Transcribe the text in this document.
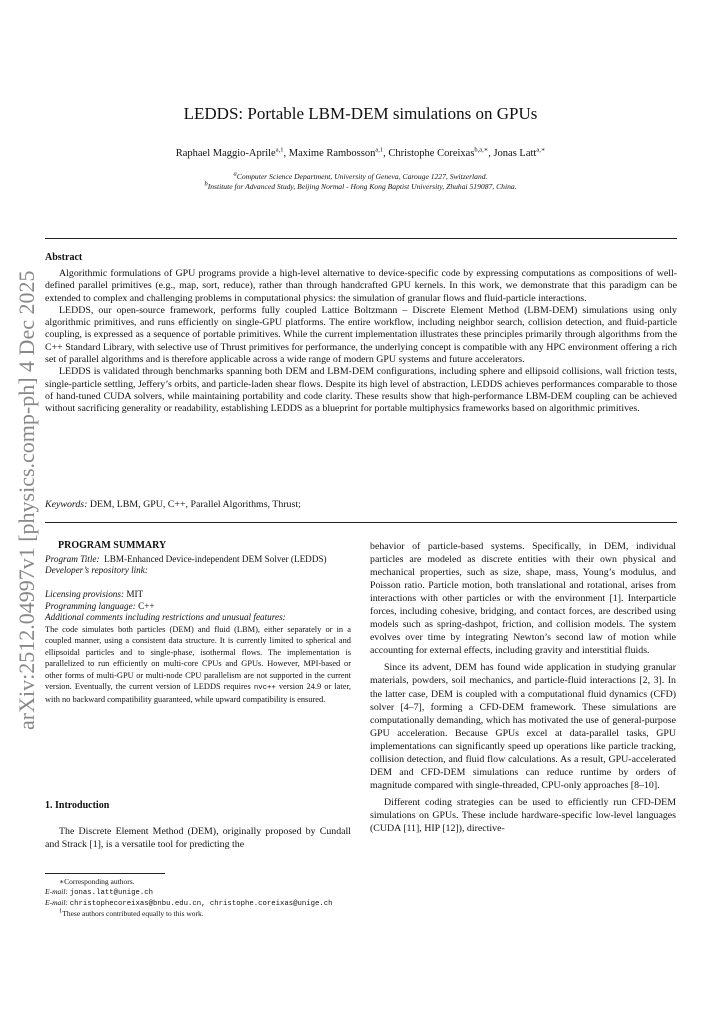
arXiv:2512.04997v1 [physics.comp-ph] 4 Dec 2025
LEDDS: Portable LBM-DEM simulations on GPUs
Raphael Maggio-Aprile$^{a,1}$, Maxime Rambosson$^{a,1}$, Christophe Coreixas$^{b,a,∗}$, Jonas Latt$^{a,∗}$
$^a$Computer Science Department, University of Geneva, Carouge 1227, Switzerland.
$^b$Institute for Advanced Study, Beijing Normal - Hong Kong Baptist University, Zhuhai 519087, China.
Abstract

Algorithmic formulations of GPU programs provide a high-level alternative to device-specific code by expressing computations as compositions of well-defined parallel primitives (e.g., map, sort, reduce), rather than through handcrafted GPU kernels. In this work, we demonstrate that this paradigm can be extended to complex and challenging problems in computational physics: the simulation of granular flows and fluid-particle interactions.

LEDDS, our open-source framework, performs fully coupled Lattice Boltzmann – Discrete Element Method (LBM-DEM) simulations using only algorithmic primitives, and runs efficiently on single-GPU platforms. The entire workflow, including neighbor search, collision detection, and fluid-particle coupling, is expressed as a sequence of portable primitives. While the current implementation illustrates these principles primarily through algorithms from the C++ Standard Library, with selective use of Thrust primitives for performance, the underlying concept is compatible with any HPC environment offering a rich set of parallel algorithms and is therefore applicable across a wide range of modern GPU systems and future accelerators.

LEDDS is validated through benchmarks spanning both DEM and LBM-DEM configurations, including sphere and ellipsoid collisions, wall friction tests, single-particle settling, Jeffery’s orbits, and particle-laden shear flows. Despite its high level of abstraction, LEDDS achieves performances comparable to those of hand-tuned CUDA solvers, while maintaining portability and code clarity. These results show that high-performance LBM-DEM coupling can be achieved without sacrificing generality or readability, establishing LEDDS as a blueprint for portable multiphysics frameworks based on algorithmic primitives.

Keywords: DEM, LBM, GPU, C++, Parallel Algorithms, Thrust;
PROGRAM SUMMARY

Program Title: LBM-Enhanced Device-independent DEM Solver (LEDDS)

Developer’s repository link:

Licensing provisions: MIT

Programming language: C++

Additional comments including restrictions and unusual features:

The code simulates both particles (DEM) and fluid (LBM), either separately or in a coupled manner, using a consistent data structure. It is currently limited to spherical and ellipsoidal particles and to single-phase, isothermal flows. The implementation is parallelized to run efficiently on multi-core CPUs and GPUs. However, MPI-based or other forms of multi-GPU or multi-node CPU parallelism are not supported in the current version. Eventually, the current version of LEDDS requires nvc++ version 24.9 or later, with no backward compatibility guaranteed, while upward compatibility is ensured.

1. Introduction
The Discrete Element Method (DEM), originally proposed by Cundall and Strack [1], is a versatile tool for predicting the

∗Corresponding authors.

E-mail: jonas.latt@unige.ch

E-mail: christophecoreixas@bnbu.edu.cn, christophe.coreixas@unige.ch

$^1$These authors contributed equally to this work.

behavior of particle-based systems. Specifically, in DEM, individual particles are modeled as discrete entities with their own physical and mechanical properties, such as size, shape, mass, Young’s modulus, and Poisson ratio. Particle motion, both translational and rotational, arises from interactions with other particles or with the environment [1]. Interparticle forces, including cohesive, bridging, and contact forces, are described using models such as spring-dashpot, friction, and collision models. The system evolves over time by integrating Newton’s second law of motion while accounting for external effects, including gravity and interstitial fluids.

Since its advent, DEM has found wide application in studying granular materials, powders, soil mechanics, and particle-fluid interactions [2, 3]. In the latter case, DEM is coupled with a computational fluid dynamics (CFD) solver [4–7], forming a CFD-DEM framework. These simulations are computationally demanding, which has motivated the use of general-purpose GPU acceleration. Because GPUs excel at data-parallel tasks, GPU implementations can significantly speed up operations like particle tracking, collision detection, and fluid flow calculations. As a result, GPU-accelerated DEM and CFD-DEM simulations can reduce runtime by orders of magnitude compared with single-threaded, CPU-only approaches [8–10].

Different coding strategies can be used to efficiently run CFD-DEM simulations on GPUs. These include hardware-specific low-level languages (CUDA [11], HIP [12]), directive-
